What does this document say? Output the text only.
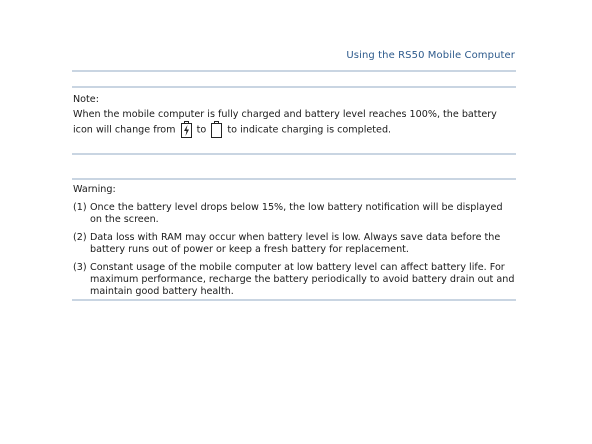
Using the RS50 Mobile Computer
Note:
When the mobile computer is fully charged and battery level reaches 100%, the battery icon will change from to to indicate charging is completed.
Warning:
(1) Once the battery level drops below 15%, the low battery notification will be displayed on the screen.
(2) Data loss with RAM may occur when battery level is low. Always save data before the battery runs out of power or keep a fresh battery for replacement.
(3) Constant usage of the mobile computer at low battery level can affect battery life. For maximum performance, recharge the battery periodically to avoid battery drain out and maintain good battery health.
